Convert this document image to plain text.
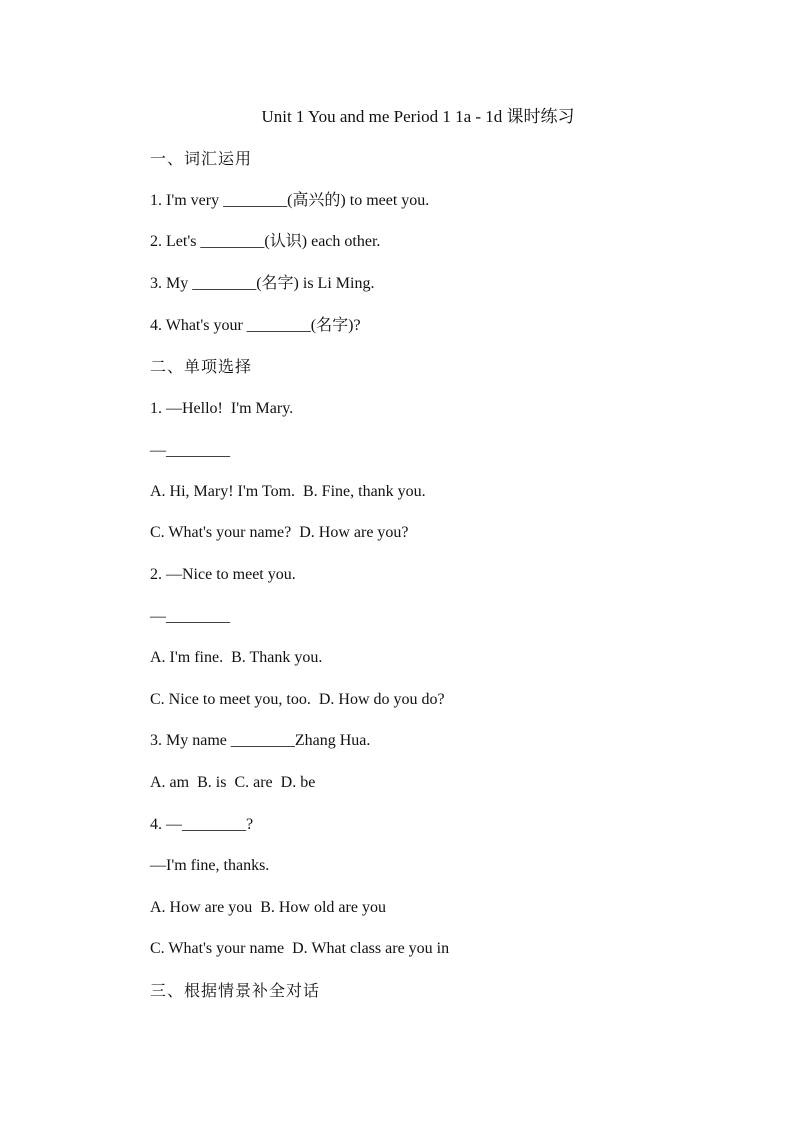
Unit 1 You and me Period 1 1a - 1d 课时练习
一、词汇运用
1. I'm very ________(高兴的) to meet you.
2. Let's ________(认识) each other.
3. My ________(名字) is Li Ming.
4. What's your ________(名字)?
二、单项选择
1. —Hello!  I'm Mary.
—________
A. Hi, Mary! I'm Tom.  B. Fine, thank you.
C. What's your name?  D. How are you?
2. —Nice to meet you.
—________
A. I'm fine.  B. Thank you.
C. Nice to meet you, too.  D. How do you do?
3. My name ________Zhang Hua.
A. am  B. is  C. are  D. be
4. —________?
—I'm fine, thanks.
A. How are you  B. How old are you
C. What's your name  D. What class are you in
三、根据情景补全对话
